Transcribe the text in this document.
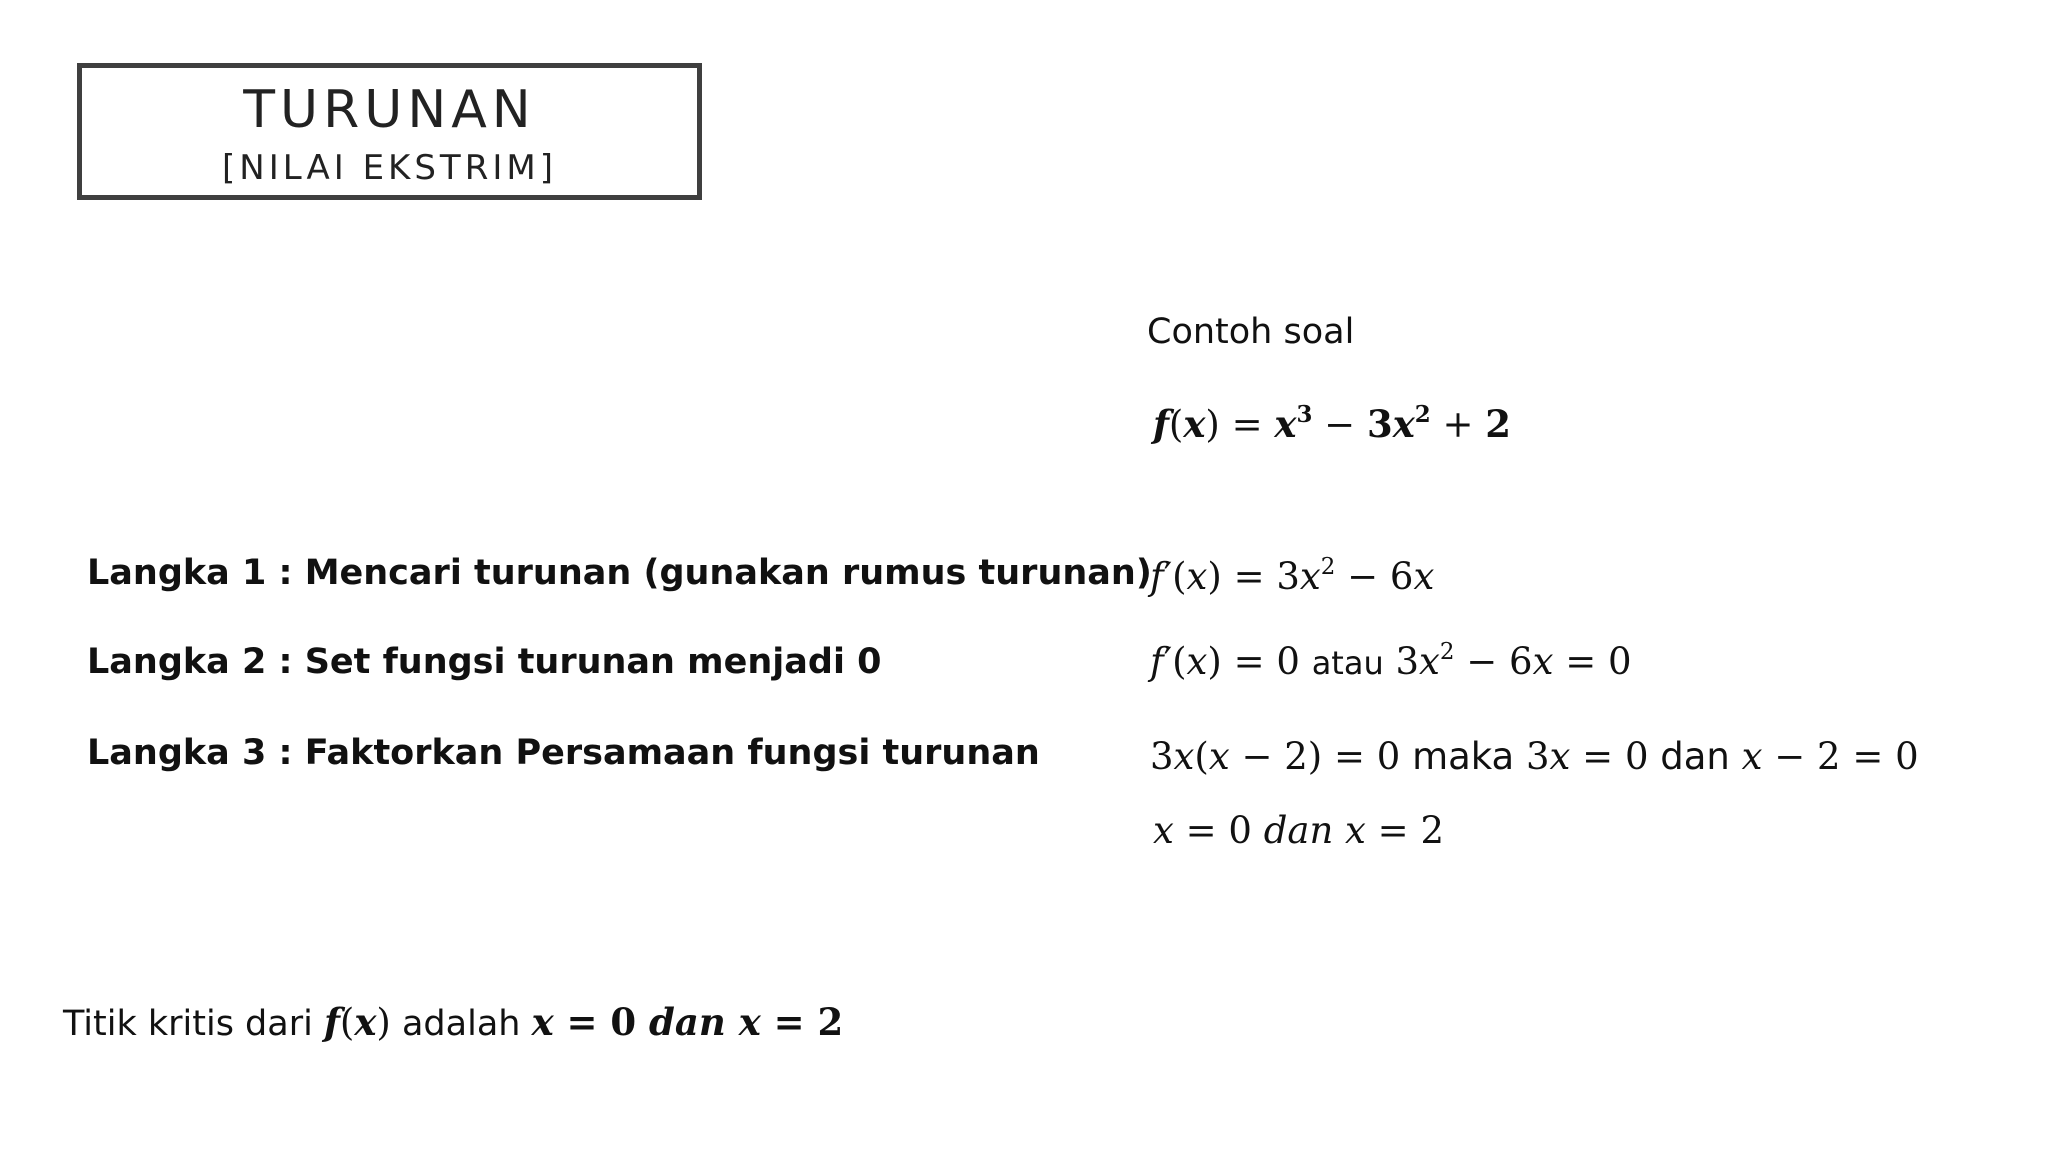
TURUNAN
[NILAI EKSTRIM]
Contoh soal
$f(x) = x^3 - 3x^2 + 2$
Langka 1 : Mencari turunan (gunakan rumus turunan)
Langka 2 : Set fungsi turunan menjadi 0
Langka 3 : Faktorkan Persamaan fungsi turunan
$f'(x) = 3x^2 - 6x$
f′(x) = 0 atau $3x^2 - 6x = 0$
3x(x − 2) = 0 maka 3x = 0 dan x − 2 = 0
x = 0 dan x = 2
Titik kritis dari f(x) adalah x = 0 dan x = 2
